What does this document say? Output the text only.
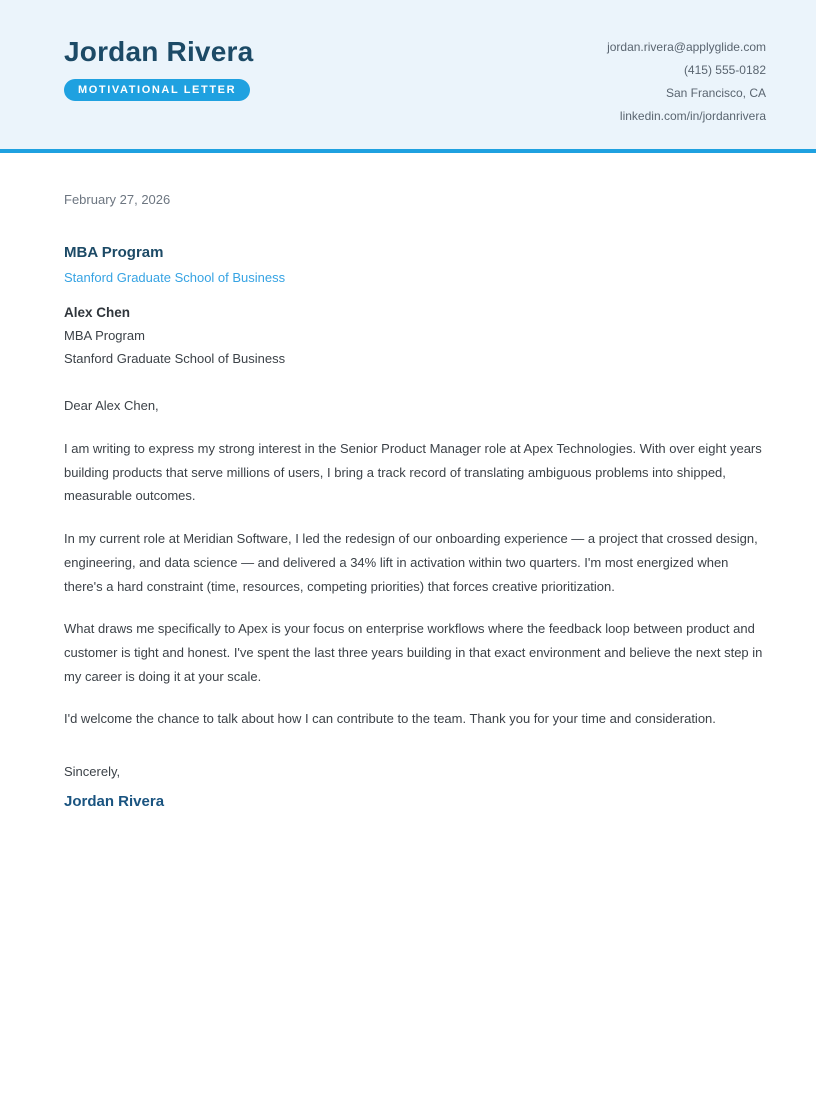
Jordan Rivera
MOTIVATIONAL LETTER
jordan.rivera@applyglide.com
(415) 555-0182
San Francisco, CA
linkedin.com/in/jordanrivera
February 27, 2026
MBA Program
Stanford Graduate School of Business
Alex Chen
MBA Program
Stanford Graduate School of Business
Dear Alex Chen,

I am writing to express my strong interest in the Senior Product Manager role at Apex Technologies. With over eight years building products that serve millions of users, I bring a track record of translating ambiguous problems into shipped, measurable outcomes.

In my current role at Meridian Software, I led the redesign of our onboarding experience — a project that crossed design, engineering, and data science — and delivered a 34% lift in activation within two quarters. I'm most energized when there's a hard constraint (time, resources, competing priorities) that forces creative prioritization.

What draws me specifically to Apex is your focus on enterprise workflows where the feedback loop between product and customer is tight and honest. I've spent the last three years building in that exact environment and believe the next step in my career is doing it at your scale.

I'd welcome the chance to talk about how I can contribute to the team. Thank you for your time and consideration.

Sincerely,
Jordan Rivera
